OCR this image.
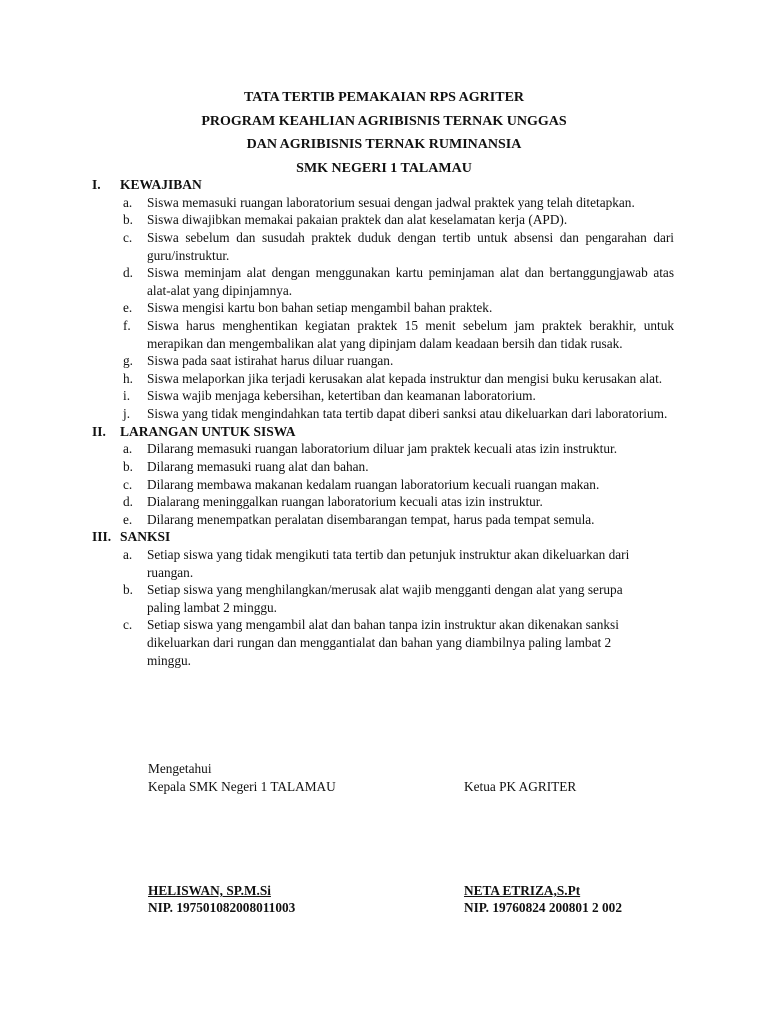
TATA TERTIB PEMAKAIAN RPS AGRITER
PROGRAM KEAHLIAN AGRIBISNIS TERNAK UNGGAS
DAN AGRIBISNIS TERNAK RUMINANSIA
SMK NEGERI 1 TALAMAU
I.	KEWAJIBAN
a.	Siswa memasuki ruangan laboratorium sesuai dengan jadwal praktek yang telah ditetapkan.
b.	Siswa diwajibkan memakai pakaian praktek dan alat keselamatan kerja (APD).
c.	Siswa sebelum dan susudah praktek duduk dengan tertib untuk absensi dan pengarahan dari guru/instruktur.
d.	Siswa meminjam alat dengan menggunakan kartu peminjaman alat dan bertanggungjawab atas alat-alat yang dipinjamnya.
e.	Siswa mengisi kartu bon bahan setiap mengambil bahan praktek.
f.	Siswa harus menghentikan kegiatan praktek 15 menit sebelum jam praktek berakhir, untuk merapikan dan mengembalikan alat yang dipinjam dalam keadaan bersih dan tidak rusak.
g.	Siswa pada saat istirahat harus diluar ruangan.
h.	Siswa melaporkan jika terjadi kerusakan alat kepada instruktur dan mengisi buku kerusakan alat.
i.	Siswa wajib menjaga kebersihan, ketertiban dan keamanan laboratorium.
j.	Siswa yang tidak mengindahkan tata tertib dapat diberi sanksi atau dikeluarkan dari laboratorium.
II.	LARANGAN UNTUK SISWA
a.	Dilarang memasuki ruangan laboratorium diluar jam praktek kecuali atas izin instruktur.
b.	Dilarang memasuki ruang alat dan bahan.
c.	Dilarang membawa makanan kedalam ruangan laboratorium kecuali ruangan makan.
d.	Dialarang meninggalkan ruangan laboratorium kecuali atas izin instruktur.
e.	Dilarang menempatkan peralatan disembarangan tempat, harus pada tempat semula.
III. SANKSI
a.	Setiap siswa yang tidak mengikuti tata tertib dan petunjuk instruktur akan dikeluarkan dari ruangan.
b.	Setiap siswa yang menghilangkan/merusak alat wajib mengganti dengan alat yang serupa paling lambat 2 minggu.
c.	Setiap siswa yang mengambil alat dan bahan tanpa izin instruktur akan dikenakan sanksi dikeluarkan dari rungan dan menggantialat dan bahan yang diambilnya paling lambat 2 minggu.
Mengetahui
Kepala SMK Negeri 1 TALAMAU	Ketua PK AGRITER
HELISWAN, SP.M.Si	NETA ETRIZA,S.Pt
NIP. 197501082008011003	NIP. 19760824 200801 2 002
